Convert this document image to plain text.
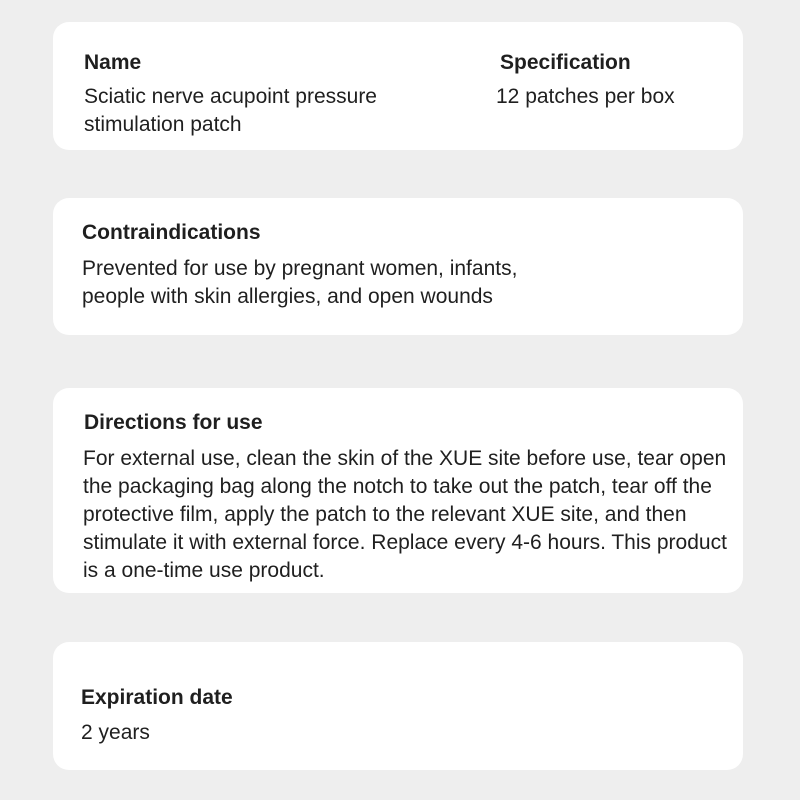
Name

Sciatic nerve acupoint pressure stimulation patch

Specification

12 patches per box

Contraindications

Prevented for use by pregnant women, infants, people with skin allergies, and open wounds

Directions for use

For external use, clean the skin of the XUE site before use, tear open the packaging bag along the notch to take out the patch, tear off the protective film, apply the patch to the relevant XUE site, and then stimulate it with external force. Replace every 4-6 hours. This product is a one-time use product.

Expiration date

2 years
